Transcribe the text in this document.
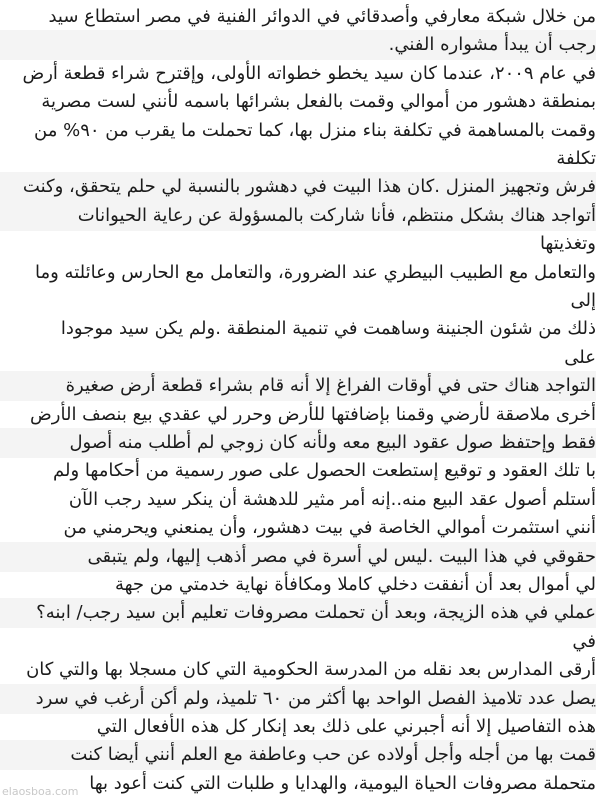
من خلال شبكة معارفي وأصدقائي في الدوائر الفنية في مصر استطاع سيد
رجب أن يبدأ مشواره الفني.
في عام ٢٠٠٩، عندما كان سيد يخطو خطواته الأولى، وإقترح شراء قطعة أرض
بمنطقة دهشور من أموالي وقمت بالفعل بشرائها باسمه لأنني لست مصرية
وقمت بالمساهمة في تكلفة بناء منزل بها، كما تحملت ما يقرب من ٩٠% من
تكلفة
فرش وتجهيز المنزل .كان هذا البيت في دهشور بالنسبة لي حلم يتحقق، وكنت
أتواجد هناك بشكل منتظم، فأنا شاركت بالمسؤولة عن رعاية الحيوانات
وتغذيتها
والتعامل مع الطبيب البيطري عند الضرورة، والتعامل مع الحارس وعائلته وما
إلى
ذلك من شئون الجنينة وساهمت في تنمية المنطقة .ولم يكن سيد موجودا
على
التواجد هناك حتى في أوقات الفراغ إلا أنه قام بشراء قطعة أرض صغيرة
أخرى ملاصقة لأرضي وقمنا بإضافتها للأرض وحرر لي عقدي بيع بنصف الأرض
فقط وإحتفظ صول عقود البيع معه ولأنه كان زوجي لم أطلب منه أصول
با تلك العقود و توقيع إستطعت الحصول على صور رسمية من أحكامها ولم
أستلم أصول عقد البيع منه..إنه أمر مثير للدهشة أن ينكر سيد رجب الآن
أنني استثمرت أموالي الخاصة في بيت دهشور، وأن يمنعني ويحرمني من
حقوقي في هذا البيت .ليس لي أسرة في مصر أذهب إليها، ولم يتبقى
لي أموال بعد أن أنفقت دخلي كاملا ومكافأة نهاية خدمتي من جهة
عملي في هذه الزيجة، وبعد أن تحملت مصروفات تعليم أبن سيد رجب/ ابنه؟
في
أرقى المدارس بعد نقله من المدرسة الحكومية التي كان مسجلا بها والتي كان
يصل عدد تلاميذ الفصل الواحد بها أكثر من ٦٠ تلميذ، ولم أكن أرغب في سرد
هذه التفاصيل إلا أنه أجبرني على ذلك بعد إنكار كل هذه الأفعال التي
قمت بها من أجله وأجل أولاده عن حب وعاطفة مع العلم أنني أيضا كنت
متحملة مصروفات الحياة اليومية، والهدايا و طلبات التي كنت أعود بها
elaosboa.com
